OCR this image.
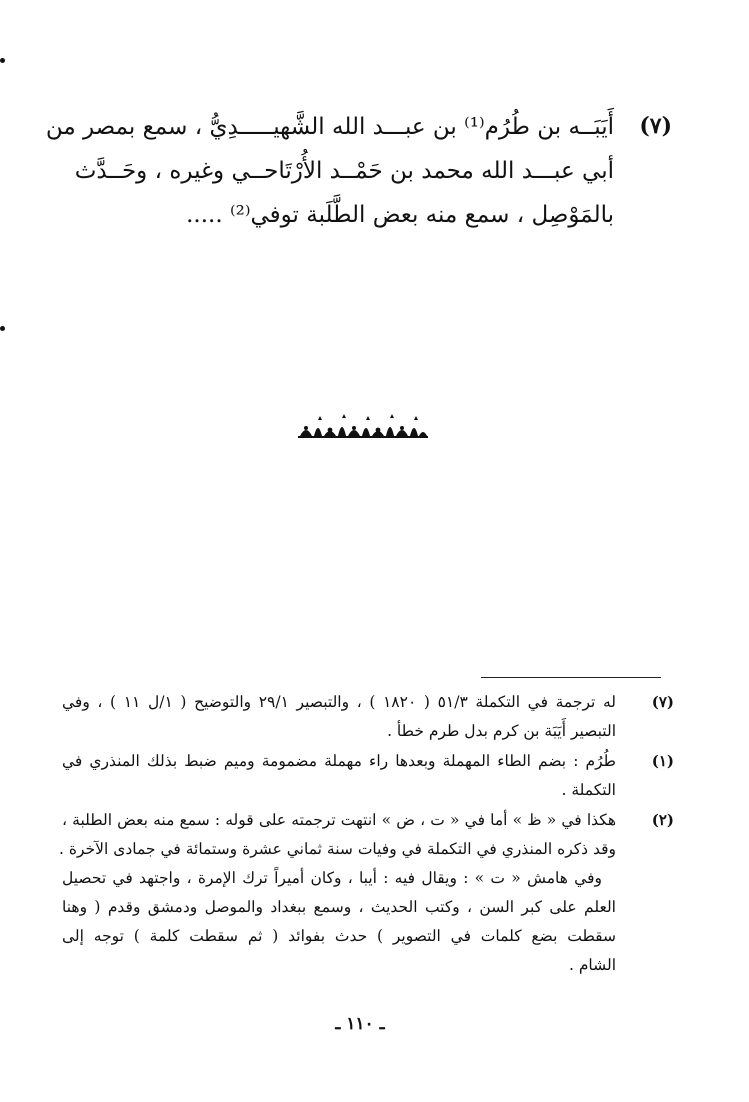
(٧)
أَيَبَــه بن طُرُم⁽¹⁾ بن عبـــد الله الشَّهيـــــدِيُّ ، سمع بمصر من
أبي عبـــد الله محمد بن حَمْــد الأُرْتَاحــي وغيره ، وحَــدَّث
بالمَوْصِل ، سمع منه بعض الطَّلَبة توفي⁽²⁾ .....
(٧)
له ترجمة في التكملة ٥١/٣ ( ١٨٢٠ ) ، والتبصير ٢٩/١ والتوضيح ( ١/ل ١١ ) ، وفي
التبصير أَيَبَة بن كرم بدل طرم خطأ .
(١)
طُرُم : بضم الطاء المهملة وبعدها راء مهملة مضمومة وميم ضبط بذلك المنذري في
التكملة .
(٢)
هكذا في « ظ » أما في « ت ، ض » انتهت ترجمته على قوله : سمع منه بعض الطلبة ،
وقد ذكره المنذري في التكملة في وفيات سنة ثماني عشرة وستمائة في جمادى الآخرة .
وفي هامش « ت » : ويقال فيه : أيبا ، وكان أميراً ترك الإمرة ، واجتهد في تحصيل
العلم على كبر السن ، وكتب الحديث ، وسمع ببغداد والموصل ودمشق وقدم ( وهنا
سقطت بضع كلمات في التصوير ) حدث بفوائد ( ثم سقطت كلمة ) توجه إلى
الشام .
ـ ١١٠ ـ
